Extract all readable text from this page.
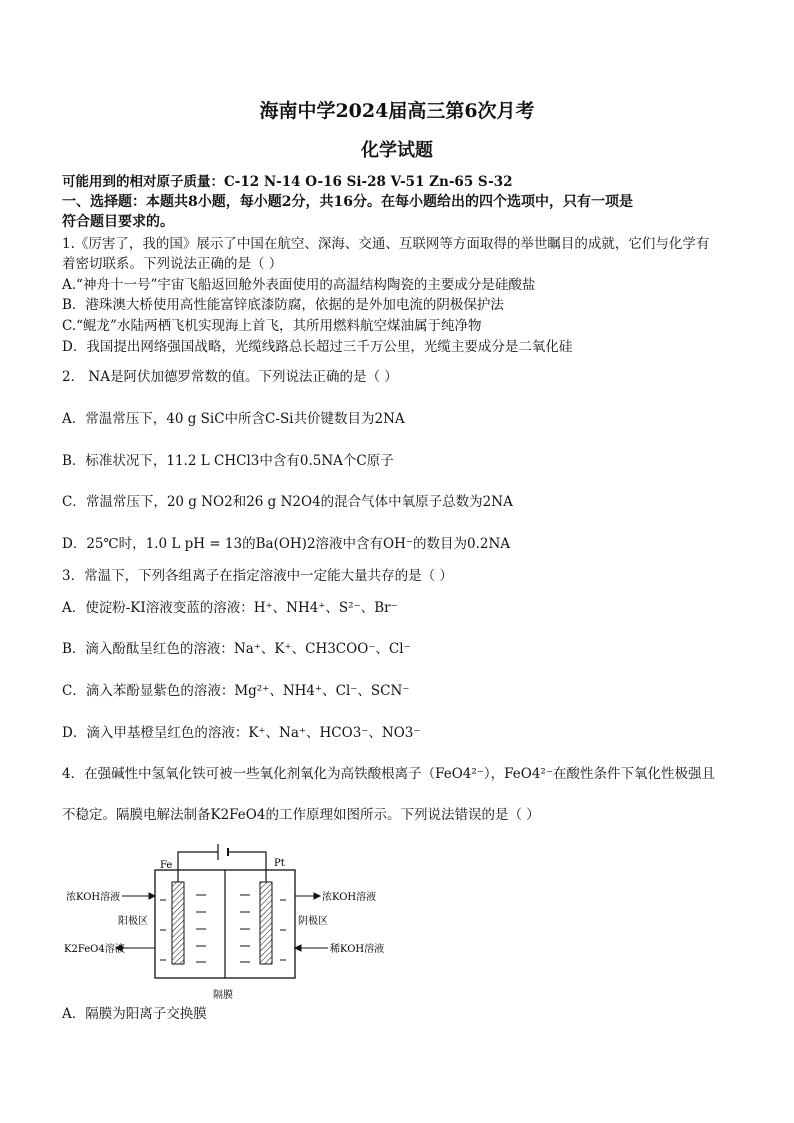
海南中学2024届高三第6次月考
化学试题
可能用到的相对原子质量：C-12 N-14 O-16 Si-28 V-51 Zn-65 S-32
一、选择题：本题共8小题，每小题2分，共16分。在每小题给出的四个选项中，只有一项是
符合题目要求的。
1.《厉害了，我的国》展示了中国在航空、深海、交通、互联网等方面取得的举世瞩目的成就，它们与化学有
着密切联系。下列说法正确的是（ ）
A.“神舟十一号”宇宙飞船返回舱外表面使用的高温结构陶瓷的主要成分是硅酸盐
B．港珠澳大桥使用高性能富锌底漆防腐，依据的是外加电流的阴极保护法
C.“鲲龙”水陆两栖飞机实现海上首飞，其所用燃料航空煤油属于纯净物
D．我国提出网络强国战略，光缆线路总长超过三千万公里，光缆主要成分是二氧化硅
2． NA是阿伏加德罗常数的值。下列说法正确的是（ ）
A．常温常压下，40 g SiC中所含C-Si共价键数目为2NA
B．标准状况下，11.2 L CHCl3中含有0.5NA个C原子
C．常温常压下，20 g NO2和26 g N2O4的混合气体中氧原子总数为2NA
D．25℃时，1.0 L pH = 13的Ba(OH)2溶液中含有OH⁻的数目为0.2NA
3．常温下，下列各组离子在指定溶液中一定能大量共存的是（ ）
A．使淀粉-KI溶液变蓝的溶液：H⁺、NH4⁺、S²⁻、Br⁻
B．滴入酚酞呈红色的溶液：Na⁺、K⁺、CH3COO⁻、Cl⁻
C．滴入苯酚显紫色的溶液：Mg²⁺、NH4⁺、Cl⁻、SCN⁻
D．滴入甲基橙呈红色的溶液：K⁺、Na⁺、HCO3⁻、NO3⁻
4．在强碱性中氢氧化铁可被一些氧化剂氧化为高铁酸根离子（FeO4²⁻），FeO4²⁻在酸性条件下氧化性极强且
不稳定。隔膜电解法制备K2FeO4的工作原理如图所示。下列说法错误的是（ ）
Fe	Pt
浓KOH溶液
阳极区
K2FeO4溶液
浓KOH溶液
阴极区
稀KOH溶液
隔膜
A．隔膜为阳离子交换膜
